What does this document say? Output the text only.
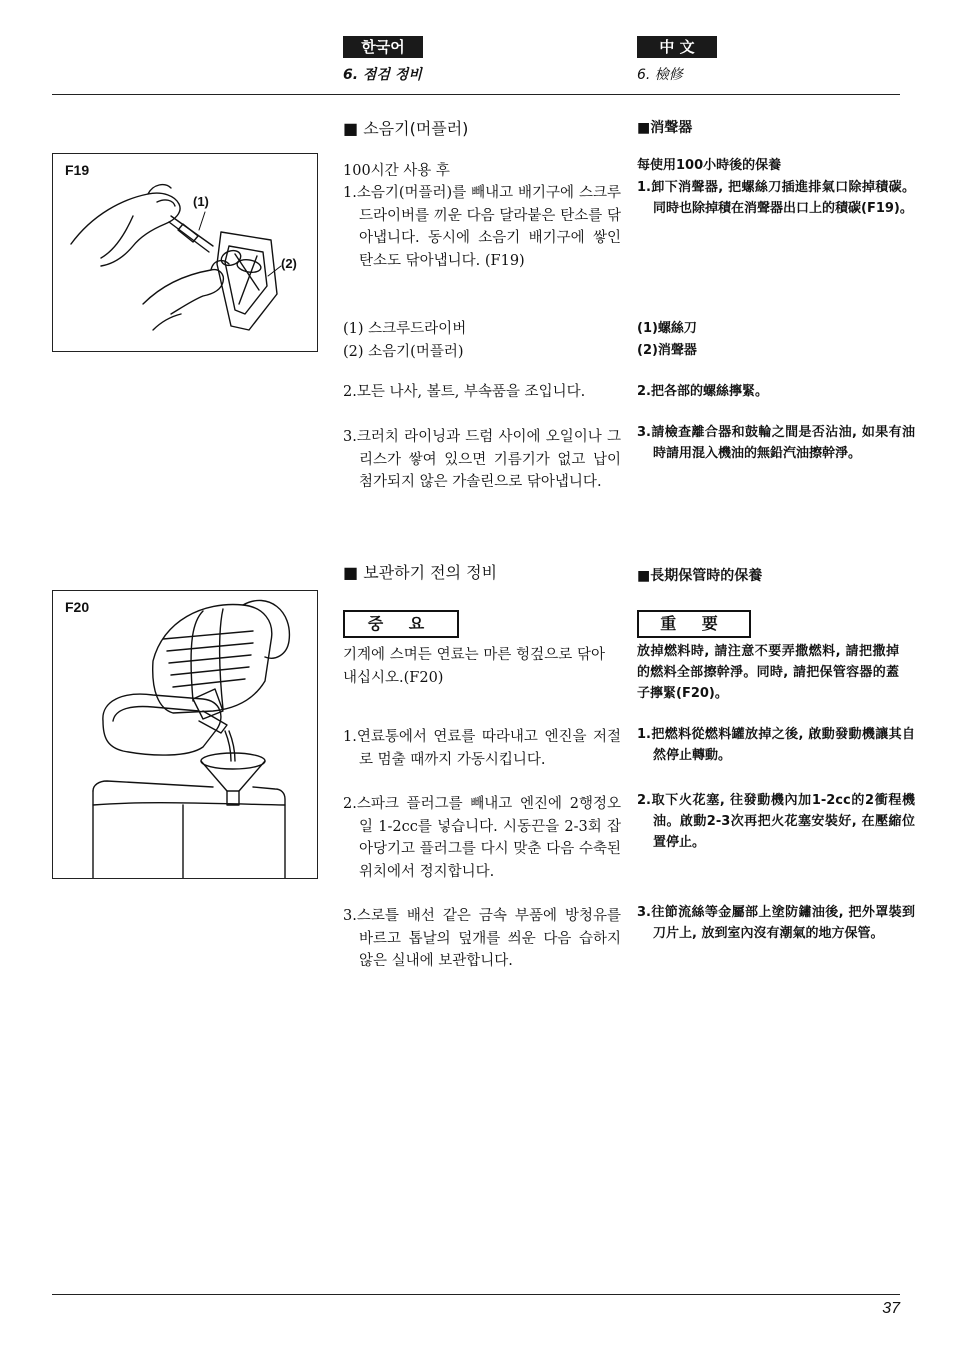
한국어
6. 점검 정비
中 文
6. 檢修
■ 소음기(머플러)	■消聲器
F19
(1)
(2)
100시간 사용 후
1.소음기(머플러)를 빼내고 배기구에 스크루드라이버를 끼운 다음 달라붙은 탄소를 닦아냅니다. 동시에 소음기 배기구에 쌓인 탄소도 닦아냅니다. (F19)
(1) 스크루드라이버
(2) 소음기(머플러)
2.모든 나사, 볼트, 부속품을 조입니다.
3.크러치 라이닝과 드럼 사이에 오일이나 그리스가 쌓여 있으면 기름기가 없고 납이 첨가되지 않은 가솔린으로 닦아냅니다.
每使用100小時後的保養
1.卸下消聲器, 把螺絲刀插進排氣口除掉積碳。同時也除掉積在消聲器出口上的積碳(F19)。
(1)螺絲刀
(2)消聲器
2.把各部的螺絲擰緊。
3.請檢查離合器和鼓輪之間是否沾油, 如果有油時請用混入機油的無鉛汽油擦幹淨。
■ 보관하기 전의 정비	■長期保管時的保養
F20
중 요
기계에 스며든 연료는 마른 헝겊으로 닦아내십시오.(F20)
1.연료통에서 연료를 따라내고 엔진을 저절로 멈출 때까지 가동시킵니다.
2.스파크 플러그를 빼내고 엔진에 2행정오일 1-2cc를 넣습니다. 시동끈을 2-3회 잡아당기고 플러그를 다시 맞춘 다음 수축된 위치에서 정지합니다.
3.스로틀 배선 같은 금속 부품에 방청유를 바르고 톱날의 덮개를 씌운 다음 습하지 않은 실내에 보관합니다.
重 要
放掉燃料時, 請注意不要弄撒燃料, 請把撒掉的燃料全部擦幹淨。同時, 請把保管容器的蓋子擰緊(F20)。
1.把燃料從燃料罐放掉之後, 啟動發動機讓其自然停止轉動。
2.取下火花塞, 往發動機內加1-2cc的2衝程機油。啟動2-3次再把火花塞安裝好, 在壓縮位置停止。
3.往節流絲等金屬部上塗防鏽油後, 把外罩裝到刀片上, 放到室內沒有潮氣的地方保管。
37
